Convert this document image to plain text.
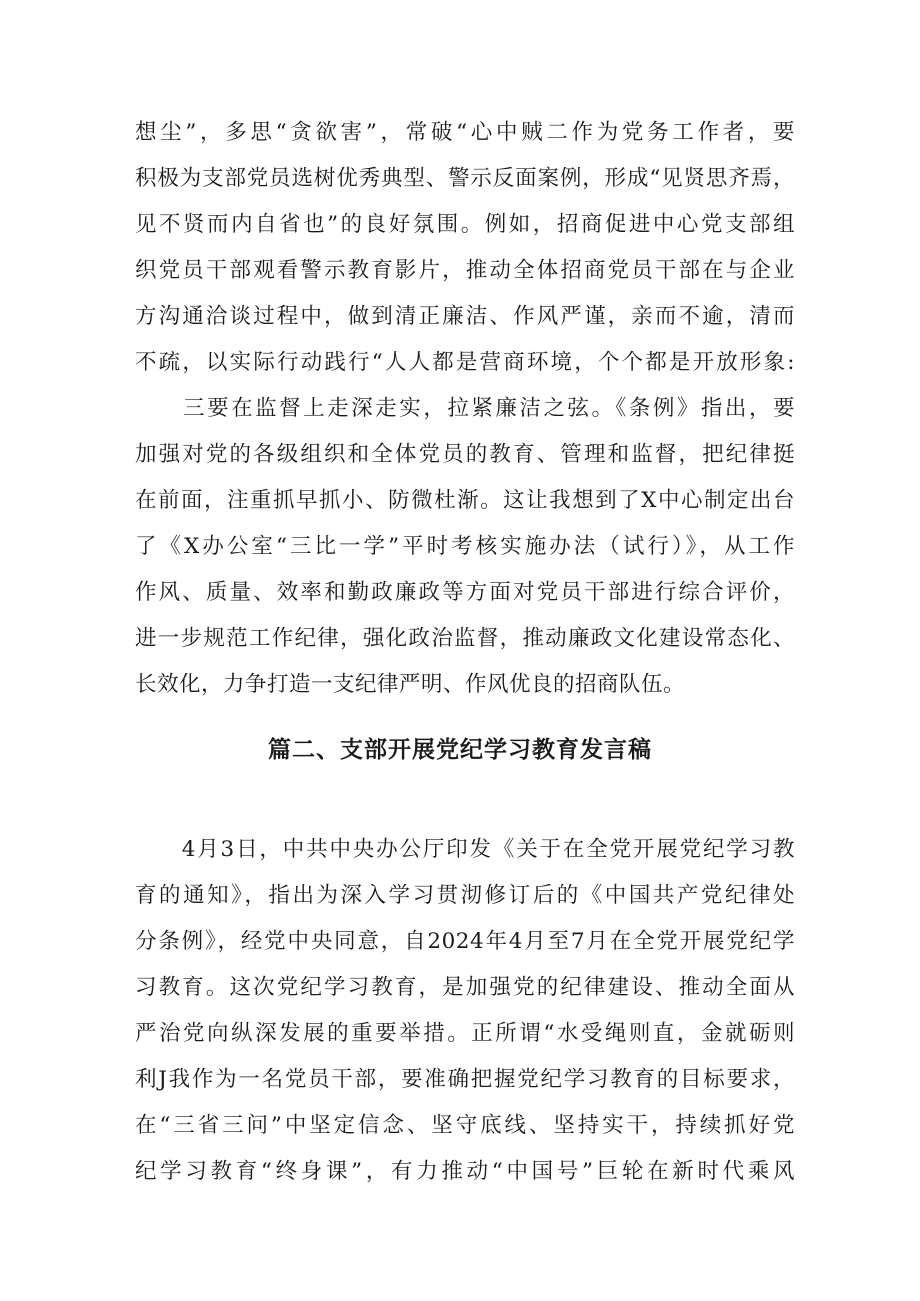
想尘”，多思“贪欲害”，常破“心中贼二作为党务工作者，要
积极为支部党员选树优秀典型、警示反面案例，形成“见贤思齐焉，
见不贤而内自省也”的良好氛围。例如，招商促进中心党支部组
织党员干部观看警示教育影片，推动全体招商党员干部在与企业
方沟通洽谈过程中，做到清正廉洁、作风严谨，亲而不逾，清而
不疏，以实际行动践行“人人都是营商环境，个个都是开放形象:
　　三要在监督上走深走实，拉紧廉洁之弦。《条例》指出，要
加强对党的各级组织和全体党员的教育、管理和监督，把纪律挺
在前面，注重抓早抓小、防微杜渐。这让我想到了X中心制定出台
了《X办公室“三比一学”平时考核实施办法（试行）》，从工作
作风、质量、效率和勤政廉政等方面对党员干部进行综合评价，
进一步规范工作纪律，强化政治监督，推动廉政文化建设常态化、
长效化，力争打造一支纪律严明、作风优良的招商队伍。
篇二、支部开展党纪学习教育发言稿
　　4月3日，中共中央办公厅印发《关于在全党开展党纪学习教
育的通知》，指出为深入学习贯沏修订后的《中国共产党纪律处
分条例》，经党中央同意，自2024年4月至7月在全党开展党纪学
习教育。这次党纪学习教育，是加强党的纪律建设、推动全面从
严治党向纵深发展的重要举措。正所谓“水受绳则直，金就砺则
利J我作为一名党员干部，要准确把握党纪学习教育的目标要求，
在“三省三问”中坚定信念、坚守底线、坚持实干，持续抓好党
纪学习教育“终身课”，有力推动“中国号”巨轮在新时代乘风
